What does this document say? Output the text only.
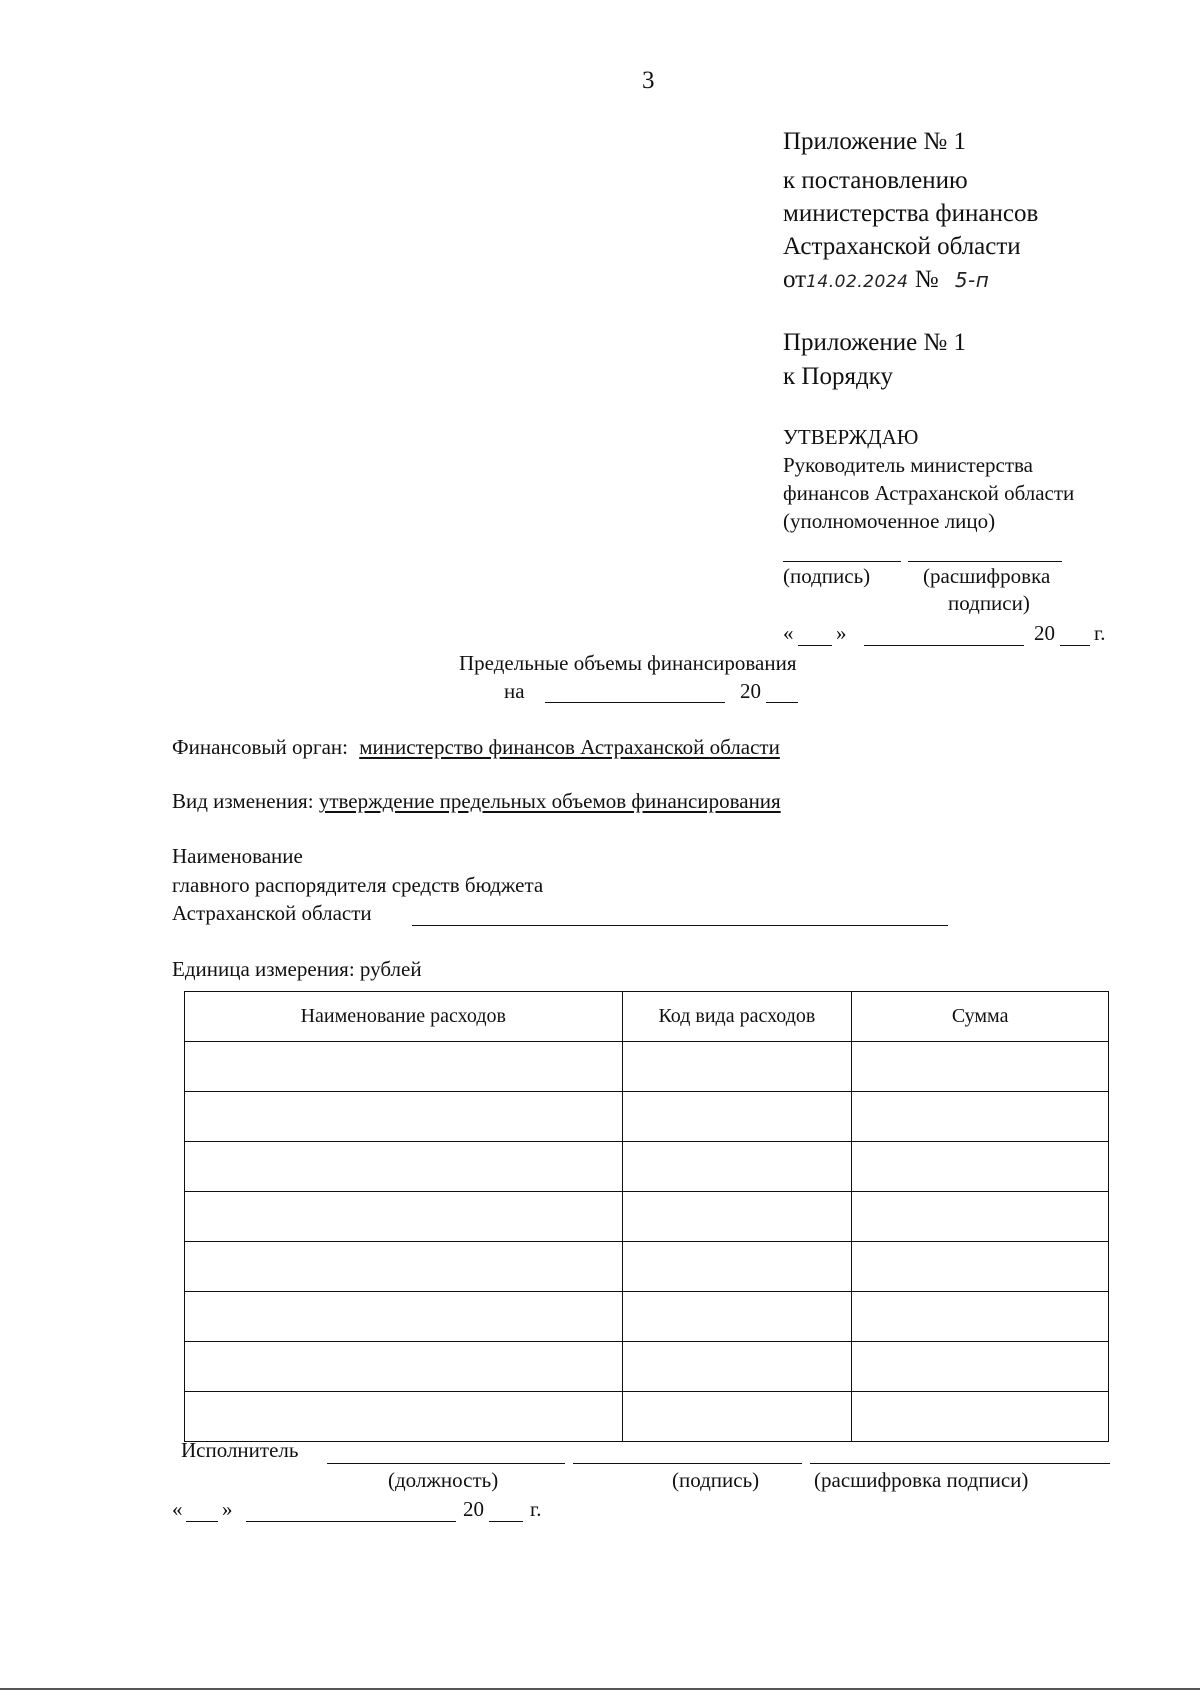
3
Приложение № 1
к постановлению
министерства финансов
Астраханской области
от14.02.2024 № 5-п
Приложение № 1
к Порядку
УТВЕРЖДАЮ
Руководитель министерства
финансов Астраханской области
(уполномоченное лицо)
(подпись)	(расшифровка
подписи)
« »	20 г.
Предельные объемы финансирования
на	20
Финансовый орган: министерство финансов Астраханской области
Вид изменения: утверждение предельных объемов финансирования
Наименование
главного распорядителя средств бюджета
Астраханской области
Единица измерения: рублей
Наименование расходов	Код вида расходов	Сумма

Исполнитель
(должность)	(подпись)	(расшифровка подписи)
« »	20 г.
